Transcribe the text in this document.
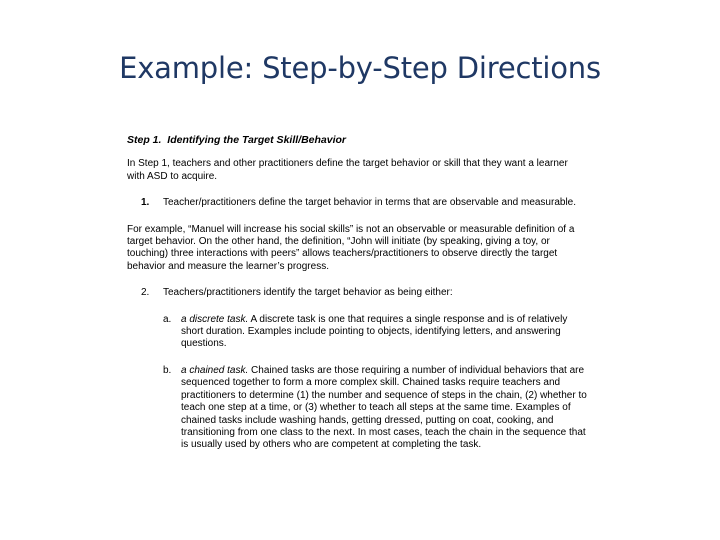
Example: Step-by-Step Directions
Step 1. Identifying the Target Skill/Behavior

In Step 1, teachers and other practitioners define the target behavior or skill that they want a learner with ASD to acquire.

1.	Teacher/practitioners define the target behavior in terms that are observable and measurable.

For example, “Manuel will increase his social skills” is not an observable or measurable definition of a target behavior. On the other hand, the definition, “John will initiate (by speaking, giving a toy, or touching) three interactions with peers” allows teachers/practitioners to observe directly the target behavior and measure the learner’s progress.

2.	Teachers/practitioners identify the target behavior as being either:
a. a discrete task. A discrete task is one that requires a single response and is of relatively short duration. Examples include pointing to objects, identifying letters, and answering questions.
b. a chained task. Chained tasks are those requiring a number of individual behaviors that are sequenced together to form a more complex skill. Chained tasks require teachers and practitioners to determine (1) the number and sequence of steps in the chain, (2) whether to teach one step at a time, or (3) whether to teach all steps at the same time. Examples of chained tasks include washing hands, getting dressed, putting on coat, cooking, and transitioning from one class to the next. In most cases, teach the chain in the sequence that is usually used by others who are competent at completing the task.
